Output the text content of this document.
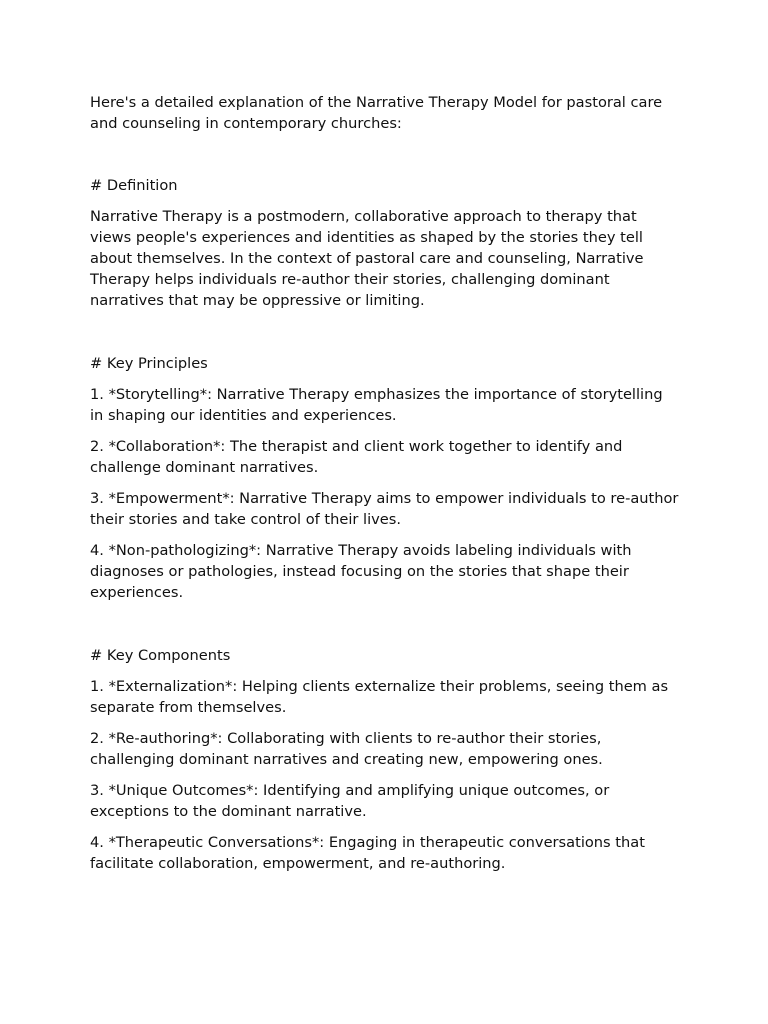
Here's a detailed explanation of the Narrative Therapy Model for pastoral care and counseling in contemporary churches:

# Definition

Narrative Therapy is a postmodern, collaborative approach to therapy that views people's experiences and identities as shaped by the stories they tell about themselves. In the context of pastoral care and counseling, Narrative Therapy helps individuals re-author their stories, challenging dominant narratives that may be oppressive or limiting.

# Key Principles

1. *Storytelling*: Narrative Therapy emphasizes the importance of storytelling in shaping our identities and experiences.

2. *Collaboration*: The therapist and client work together to identify and challenge dominant narratives.

3. *Empowerment*: Narrative Therapy aims to empower individuals to re-author their stories and take control of their lives.

4. *Non-pathologizing*: Narrative Therapy avoids labeling individuals with diagnoses or pathologies, instead focusing on the stories that shape their experiences.

# Key Components

1. *Externalization*: Helping clients externalize their problems, seeing them as separate from themselves.

2. *Re-authoring*: Collaborating with clients to re-author their stories, challenging dominant narratives and creating new, empowering ones.

3. *Unique Outcomes*: Identifying and amplifying unique outcomes, or exceptions to the dominant narrative.

4. *Therapeutic Conversations*: Engaging in therapeutic conversations that facilitate collaboration, empowerment, and re-authoring.
